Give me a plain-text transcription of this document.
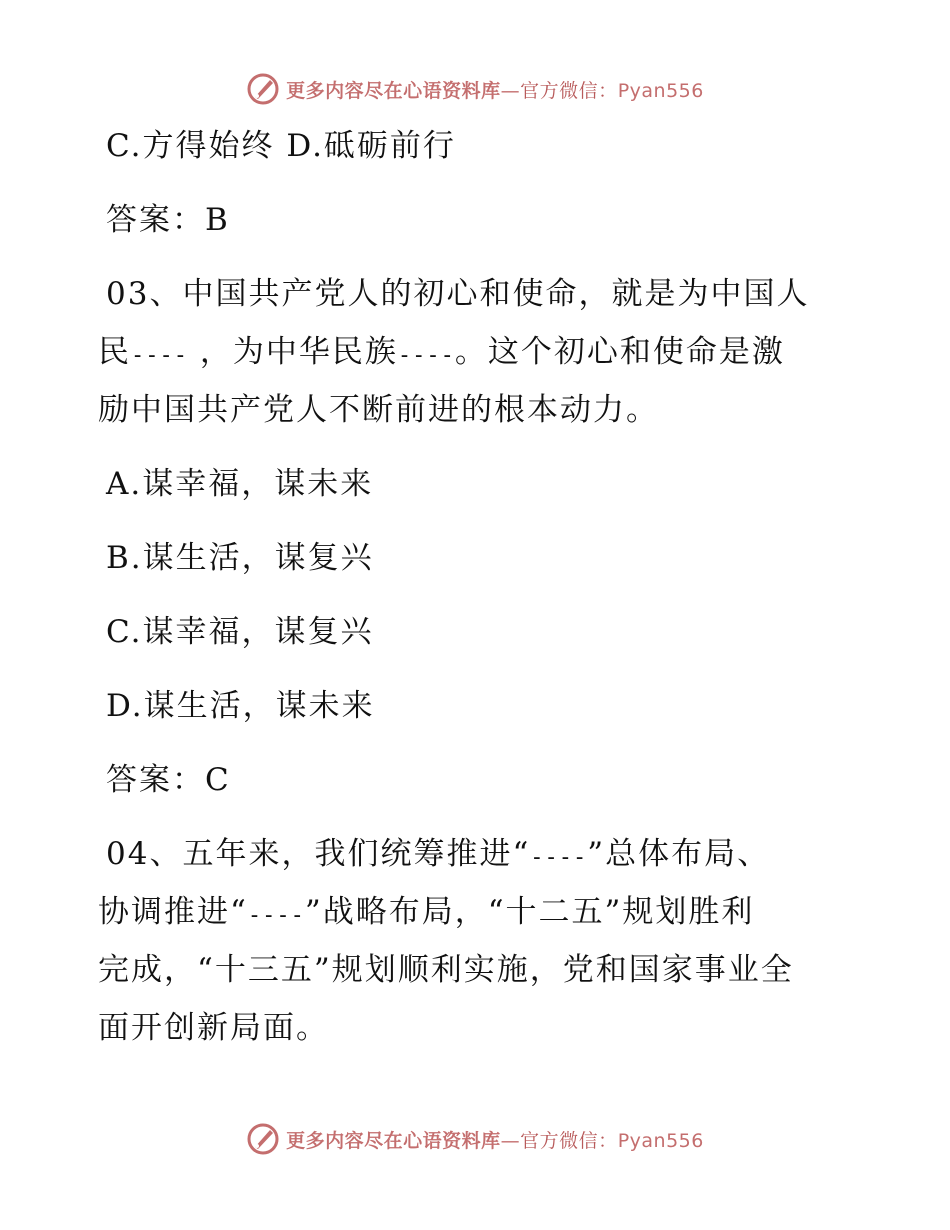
更多内容尽在心语资料库—官方微信：Pyan556
C.方得始终 D.砥砺前行
答案：B
03、中国共产党人的初心和使命，就是为中国人
民---- ，为中华民族----。这个初心和使命是激
励中国共产党人不断前进的根本动力。
A.谋幸福，谋未来
B.谋生活，谋复兴
C.谋幸福，谋复兴
D.谋生活，谋未来
答案：C
04、五年来，我们统筹推进“----”总体布局、
协调推进“----”战略布局，“十二五”规划胜利
完成，“十三五”规划顺利实施，党和国家事业全
面开创新局面。
更多内容尽在心语资料库—官方微信：Pyan556
